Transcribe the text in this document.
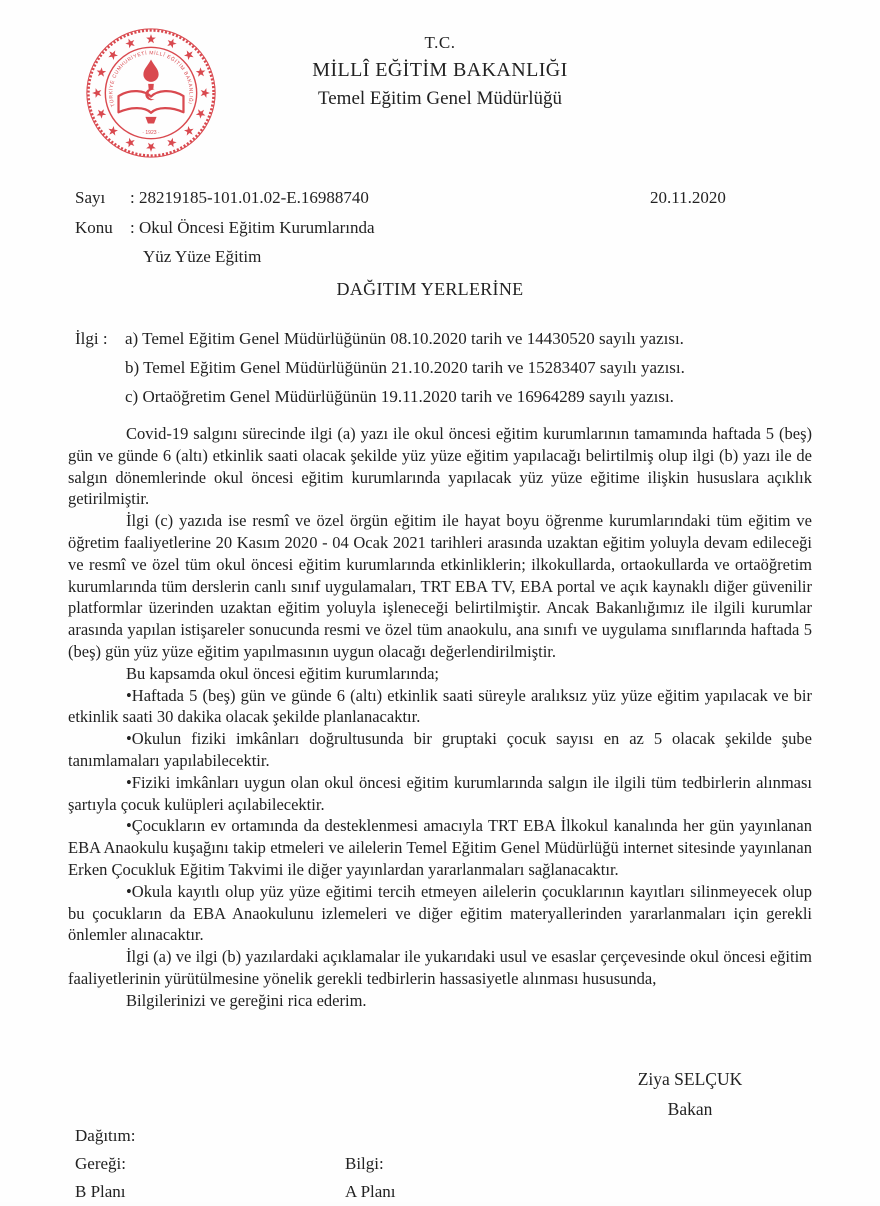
TÜRKİYE CUMHURİYETİ MİLLÎ EĞİTİM BAKANLIĞI
· 1923 ·
T.C.
MİLLÎ EĞİTİM BAKANLIĞI
Temel Eğitim Genel Müdürlüğü
Sayı	: 28219185-101.01.02-E.16988740	20.11.2020
Konu	: Okul Öncesi Eğitim Kurumlarında
Yüz Yüze Eğitim
DAĞITIM YERLERİNE
İlgi :	a) Temel Eğitim Genel Müdürlüğünün 08.10.2020 tarih ve 14430520 sayılı yazısı.
b) Temel Eğitim Genel Müdürlüğünün 21.10.2020 tarih ve 15283407 sayılı yazısı.
c) Ortaöğretim Genel Müdürlüğünün 19.11.2020 tarih ve 16964289 sayılı yazısı.

Covid-19 salgını sürecinde ilgi (a) yazı ile okul öncesi eğitim kurumlarının tamamında haftada 5 (beş) gün ve günde 6 (altı) etkinlik saati olacak şekilde yüz yüze eğitim yapılacağı belirtilmiş olup ilgi (b) yazı ile de salgın dönemlerinde okul öncesi eğitim kurumlarında yapılacak yüz yüze eğitime ilişkin hususlara açıklık getirilmiştir.

İlgi (c) yazıda ise resmî ve özel örgün eğitim ile hayat boyu öğrenme kurumlarındaki tüm eğitim ve öğretim faaliyetlerine 20 Kasım 2020 - 04 Ocak 2021 tarihleri arasında uzaktan eğitim yoluyla devam edileceği ve resmî ve özel tüm okul öncesi eğitim kurumlarında etkinliklerin; ilkokullarda, ortaokullarda ve ortaöğretim kurumlarında tüm derslerin canlı sınıf uygulamaları, TRT EBA TV, EBA portal ve açık kaynaklı diğer güvenilir platformlar üzerinden uzaktan eğitim yoluyla işleneceği belirtilmiştir. Ancak Bakanlığımız ile ilgili kurumlar arasında yapılan istişareler sonucunda resmi ve özel tüm anaokulu, ana sınıfı ve uygulama sınıflarında haftada 5 (beş) gün yüz yüze eğitim yapılmasının uygun olacağı değerlendirilmiştir.

Bu kapsamda okul öncesi eğitim kurumlarında;

•Haftada 5 (beş) gün ve günde 6 (altı) etkinlik saati süreyle aralıksız yüz yüze eğitim yapılacak ve bir etkinlik saati 30 dakika olacak şekilde planlanacaktır.

•Okulun fiziki imkânları doğrultusunda bir gruptaki çocuk sayısı en az 5 olacak şekilde şube tanımlamaları yapılabilecektir.

•Fiziki imkânları uygun olan okul öncesi eğitim kurumlarında salgın ile ilgili tüm tedbirlerin alınması şartıyla çocuk kulüpleri açılabilecektir.

•Çocukların ev ortamında da desteklenmesi amacıyla TRT EBA İlkokul kanalında her gün yayınlanan EBA Anaokulu kuşağını takip etmeleri ve ailelerin Temel Eğitim Genel Müdürlüğü internet sitesinde yayınlanan Erken Çocukluk Eğitim Takvimi ile diğer yayınlardan yararlanmaları sağlanacaktır.

•Okula kayıtlı olup yüz yüze eğitimi tercih etmeyen ailelerin çocuklarının kayıtları silinmeyecek olup bu çocukların da EBA Anaokulunu izlemeleri ve diğer eğitim materyallerinden yararlanmaları için gerekli önlemler alınacaktır.

İlgi (a) ve ilgi (b) yazılardaki açıklamalar ile yukarıdaki usul ve esaslar çerçevesinde okul öncesi eğitim faaliyetlerinin yürütülmesine yönelik gerekli tedbirlerin hassasiyetle alınması hususunda,

Bilgilerinizi ve gereğini rica ederim.

Ziya SELÇUK
Bakan
Dağıtım:
Gereği:	Bilgi:
B Planı	A Planı
